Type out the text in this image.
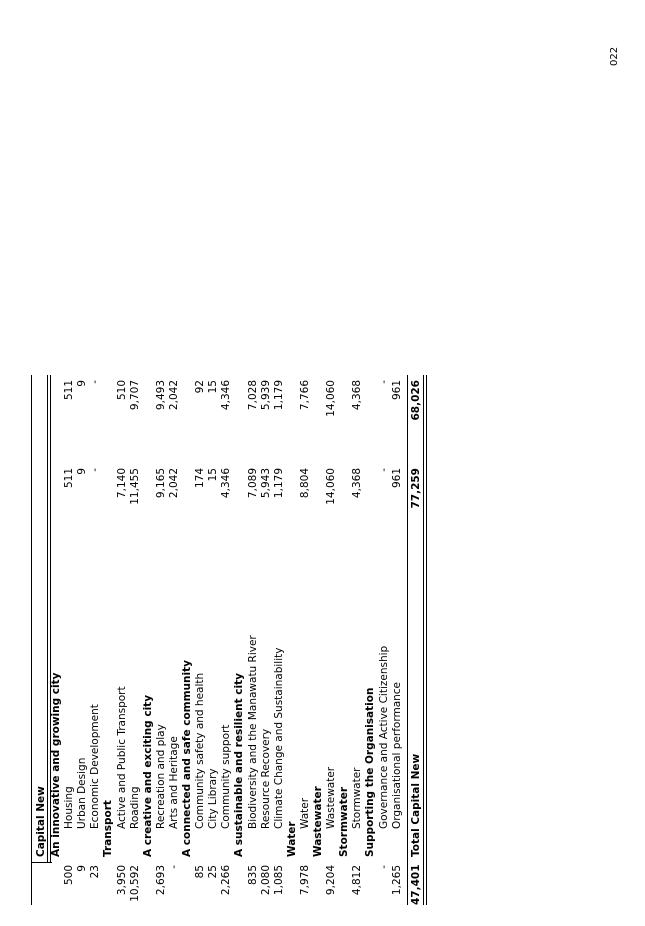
022
Capital New An innovative and growing city
500
Housing
511
511
9
Urban Design
9
9
23
Economic Development
-
-
Transport
3,950
Active and Public Transport
7,140
510
10,592
Roading
11,455
9,707
A creative and exciting city
2,693
Recreation and play
9,165
9,493
-
Arts and Heritage
2,042
2,042
A connected and safe community
85
Community safety and health
174
92
25
City Library
15
15
2,266
Community support
4,346
4,346
A sustainable and resilient city
835
Biodiversity and the Manawatu River
7,089
7,028
2,080
Resource Recovery
5,943
5,939
1,085
Climate Change and Sustainability
1,179
1,179
Water
7,978
Water
8,804
7,766
Wastewater
9,204
Wastewater
14,060
14,060
Stormwater
4,812
Stormwater
4,368
4,368
Supporting the Organisation
-
Governance and Active Citizenship
-
-
1,265
Organisational performance
961
961
47,401
Total Capital New
77,259
68,026
